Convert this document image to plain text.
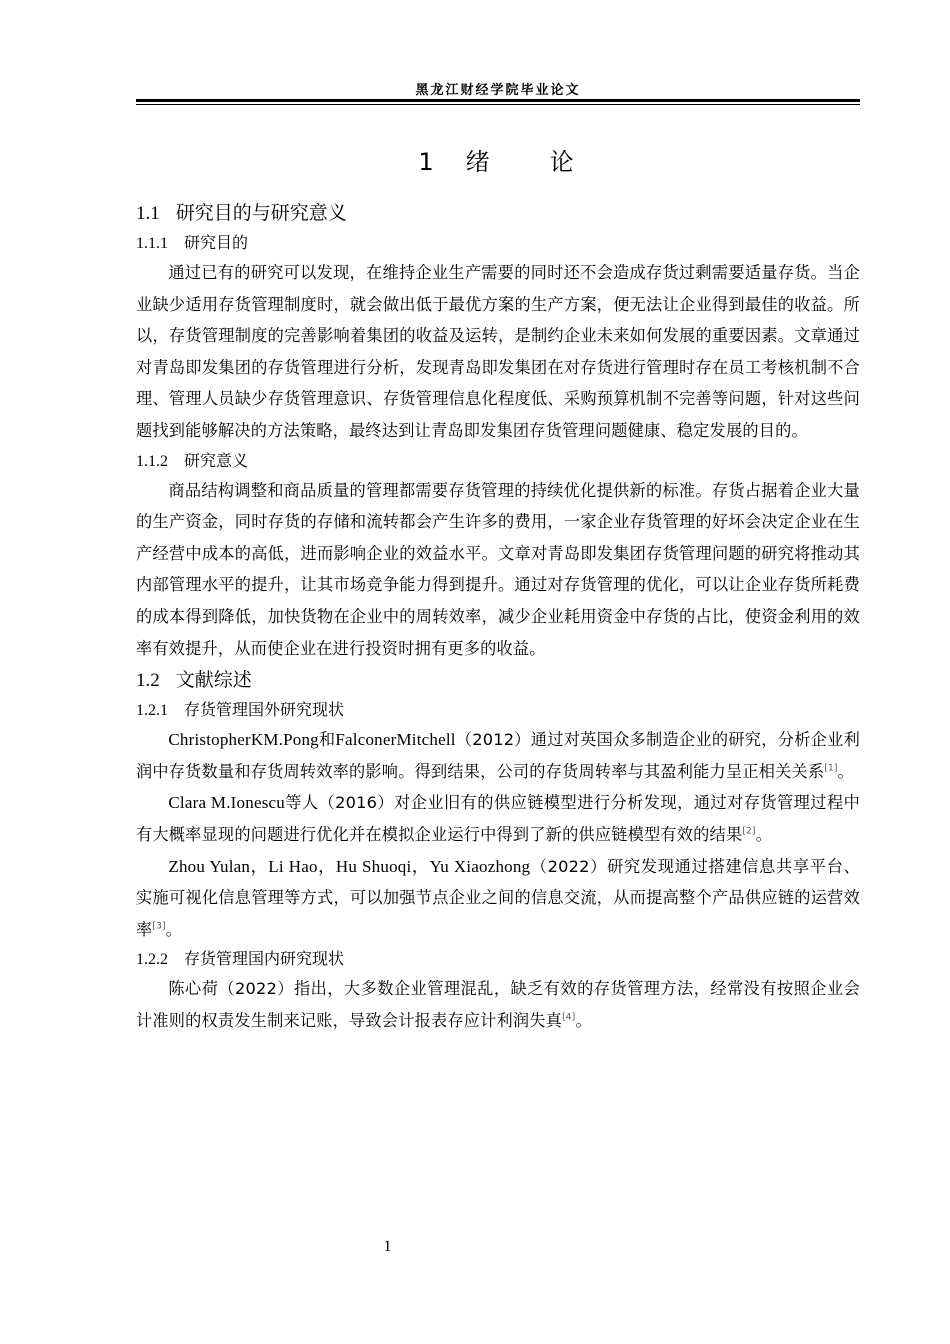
黑龙江财经学院毕业论文
1　绪　　论
1.1 研究目的与研究意义
1.1.1 研究目的

通过已有的研究可以发现，在维持企业生产需要的同时还不会造成存货过剩需要适量存货。当企业缺少适用存货管理制度时，就会做出低于最优方案的生产方案，便无法让企业得到最佳的收益。所以，存货管理制度的完善影响着集团的收益及运转，是制约企业未来如何发展的重要因素。文章通过对青岛即发集团的存货管理进行分析，发现青岛即发集团在对存货进行管理时存在员工考核机制不合理、管理人员缺少存货管理意识、存货管理信息化程度低、采购预算机制不完善等问题，针对这些问题找到能够解决的方法策略，最终达到让青岛即发集团存货管理问题健康、稳定发展的目的。

1.1.2 研究意义

商品结构调整和商品质量的管理都需要存货管理的持续优化提供新的标准。存货占据着企业大量的生产资金，同时存货的存储和流转都会产生许多的费用，一家企业存货管理的好坏会决定企业在生产经营中成本的高低，进而影响企业的效益水平。文章对青岛即发集团存货管理问题的研究将推动其内部管理水平的提升，让其市场竞争能力得到提升。通过对存货管理的优化，可以让企业存货所耗费的成本得到降低，加快货物在企业中的周转效率，减少企业耗用资金中存货的占比，使资金利用的效率有效提升，从而使企业在进行投资时拥有更多的收益。

1.2 文献综述
1.2.1 存货管理国外研究现状

ChristopherKM.Pong和FalconerMitchell（2012）通过对英国众多制造企业的研究，分析企业利润中存货数量和存货周转效率的影响。得到结果，公司的存货周转率与其盈利能力呈正相关关系[1]。

Clara M.Ionescu等人（2016）对企业旧有的供应链模型进行分析发现，通过对存货管理过程中有大概率显现的问题进行优化并在模拟企业运行中得到了新的供应链模型有效的结果[2]。

Zhou Yulan，Li Hao，Hu Shuoqi，Yu Xiaozhong（2022）研究发现通过搭建信息共享平台、实施可视化信息管理等方式，可以加强节点企业之间的信息交流，从而提高整个产品供应链的运营效率[3]。

1.2.2 存货管理国内研究现状

陈心荷（2022）指出，大多数企业管理混乱，缺乏有效的存货管理方法，经常没有按照企业会计准则的权责发生制来记账，导致会计报表存应计利润失真[4]。

1
